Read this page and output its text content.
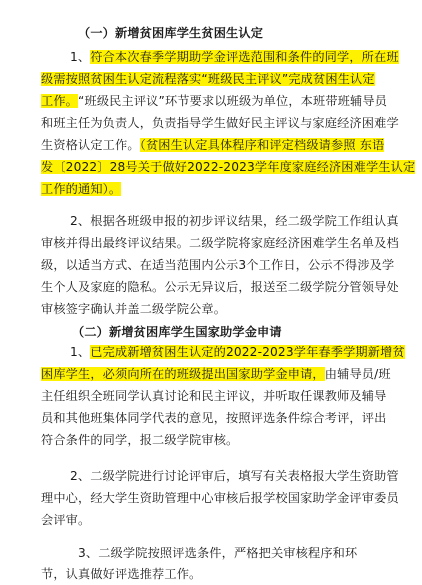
（一）新增贫困库学生贫困生认定
1、符合本次春季学期助学金评选范围和条件的同学，所在班
级需按照贫困生认定流程落实“班级民主评议”完成贫困生认定
工作。“班级民主评议”环节要求以班级为单位，本班带班辅导员
和班主任为负责人，负责指导学生做好民主评议与家庭经济困难学
生资格认定工作。（贫困生认定具体程序和评定档级请参照 东语
发〔2022〕28号关于做好2022-2023学年度家庭经济困难学生认定
工作的通知）。
2、根据各班级申报的初步评议结果，经二级学院工作组认真
审核并得出最终评议结果。二级学院将家庭经济困难学生名单及档
级，以适当方式、在适当范围内公示3个工作日，公示不得涉及学
生个人及家庭的隐私。公示无异议后，报送至二级学院分管领导处
审核签字确认并盖二级学院公章。
（二）新增贫困库学生国家助学金申请
1、已完成新增贫困生认定的2022-2023学年春季学期新增贫
困库学生，必须向所在的班级提出国家助学金申请，由辅导员/班
主任组织全班同学认真讨论和民主评议，并听取任课教师及辅导
员和其他班集体同学代表的意见，按照评选条件综合考评，评出
符合条件的同学，报二级学院审核。
2、二级学院进行讨论评审后，填写有关表格报大学生资助管
理中心，经大学生资助管理中心审核后报学校国家助学金评审委员
会评审。
3、二级学院按照评选条件，严格把关审核程序和环
节，认真做好评选推荐工作。
